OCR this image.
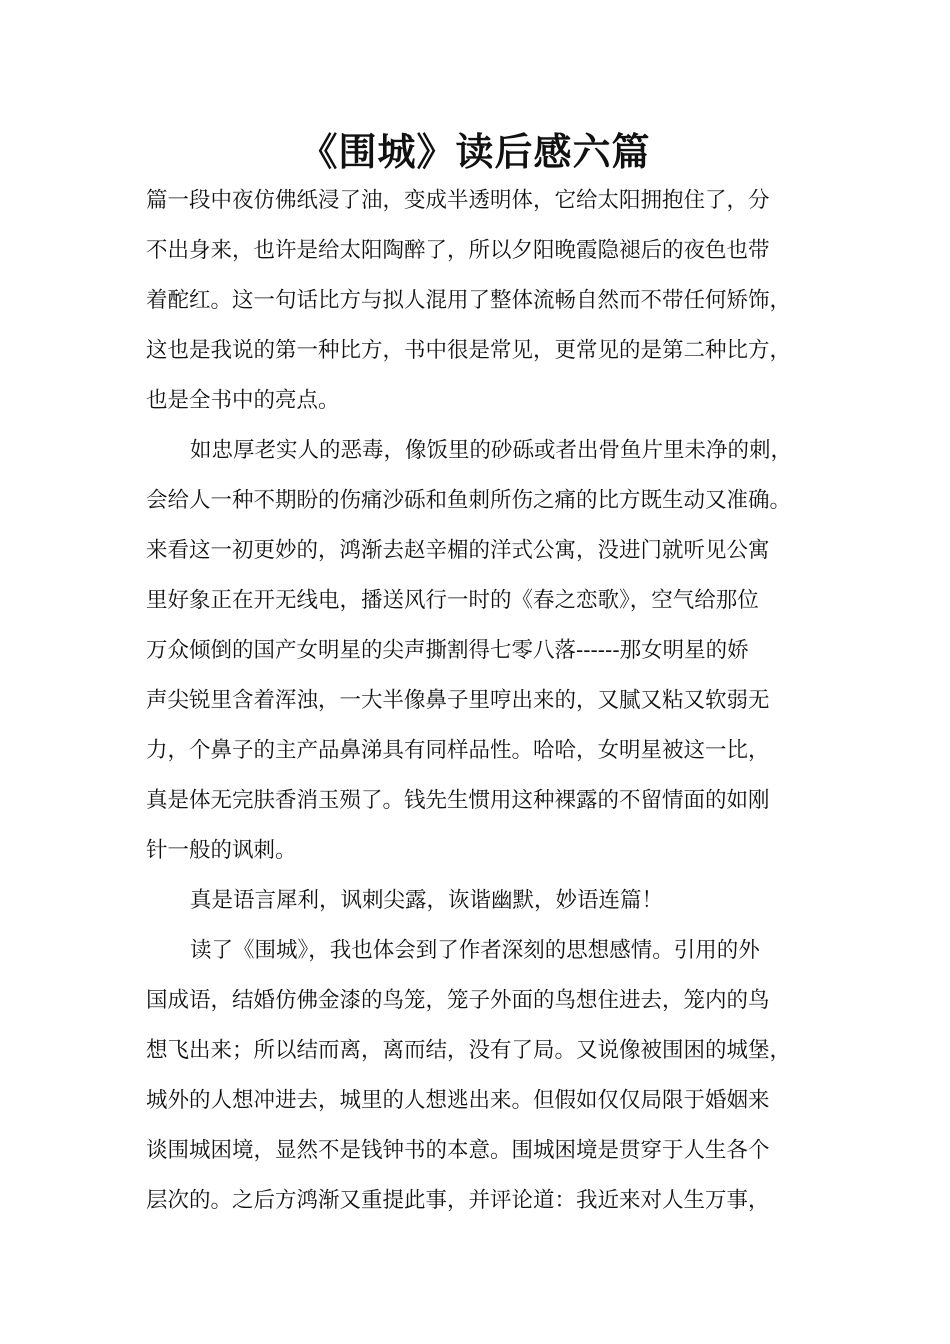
《围城》读后感六篇

篇一段中夜仿佛纸浸了油，变成半透明体，它给太阳拥抱住了，分

不出身来，也许是给太阳陶醉了，所以夕阳晚霞隐褪后的夜色也带

着酡红。这一句话比方与拟人混用了整体流畅自然而不带任何矫饰，

这也是我说的第一种比方，书中很是常见，更常见的是第二种比方，

也是全书中的亮点。

如忠厚老实人的恶毒，像饭里的砂砾或者出骨鱼片里未净的刺，

会给人一种不期盼的伤痛沙砾和鱼刺所伤之痛的比方既生动又准确。

来看这一初更妙的，鸿渐去赵辛楣的洋式公寓，没进门就听见公寓

里好象正在开无线电，播送风行一时的《春之恋歌》，空气给那位

万众倾倒的国产女明星的尖声撕割得七零八落------那女明星的娇

声尖锐里含着浑浊，一大半像鼻子里哼出来的，又腻又粘又软弱无

力，个鼻子的主产品鼻涕具有同样品性。哈哈，女明星被这一比，

真是体无完肤香消玉殒了。钱先生惯用这种裸露的不留情面的如刚

针一般的讽刺。

真是语言犀利，讽刺尖露，诙谐幽默，妙语连篇！

读了《围城》，我也体会到了作者深刻的思想感情。引用的外

国成语，结婚仿佛金漆的鸟笼，笼子外面的鸟想住进去，笼内的鸟

想飞出来；所以结而离，离而结，没有了局。又说像被围困的城堡，

城外的人想冲进去，城里的人想逃出来。但假如仅仅局限于婚姻来

谈围城困境，显然不是钱钟书的本意。围城困境是贯穿于人生各个

层次的。之后方鸿渐又重提此事，并评论道：我近来对人生万事，
